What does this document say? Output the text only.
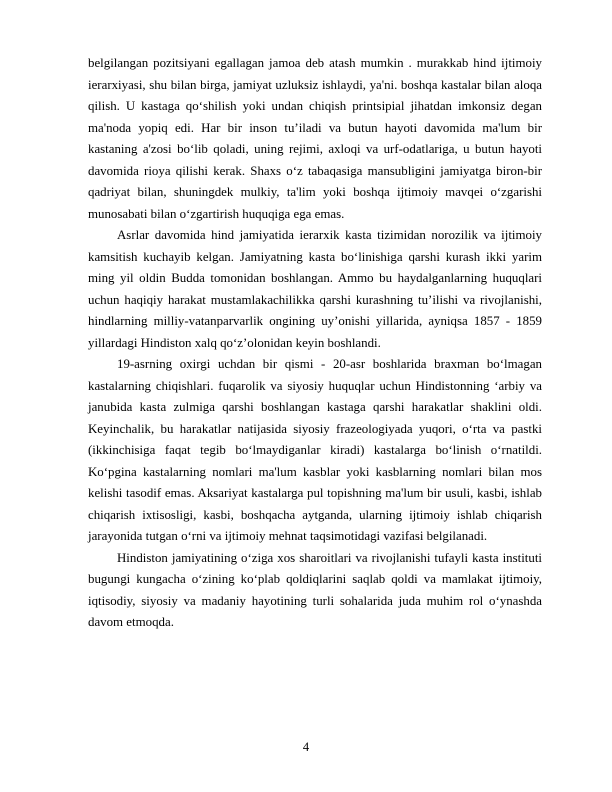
belgilangan pozitsiyani egallagan jamoa deb atash mumkin . murakkab hind ijtimoiy ierarxiyasi, shu bilan birga, jamiyat uzluksiz ishlaydi, ya'ni. boshqa kastalar bilan aloqa qilish. U kastaga qo‘shilish yoki undan chiqish printsipial jihatdan imkonsiz degan ma'noda yopiq edi. Har bir inson tu’iladi va butun hayoti davomida ma'lum bir kastaning a'zosi bo‘lib qoladi, uning rejimi, axloqi va urf-odatlariga, u butun hayoti davomida rioya qilishi kerak. Shaxs o‘z tabaqasiga mansubligini jamiyatga biron-bir qadriyat bilan, shuningdek mulkiy, ta'lim yoki boshqa ijtimoiy mavqei o‘zgarishi munosabati bilan o‘zgartirish huquqiga ega emas.

Asrlar davomida hind jamiyatida ierarxik kasta tizimidan norozilik va ijtimoiy kamsitish kuchayib kelgan. Jamiyatning kasta bo‘linishiga qarshi kurash ikki yarim ming yil oldin Budda tomonidan boshlangan. Ammo bu haydalganlarning huquqlari uchun haqiqiy harakat mustamlakachilikka qarshi kurashning tu’ilishi va rivojlanishi, hindlarning milliy-vatanparvarlik ongining uy’onishi yillarida, ayniqsa 1857 - 1859 yillardagi Hindiston xalq qo‘z’olonidan keyin boshlandi.

19-asrning oxirgi uchdan bir qismi - 20-asr boshlarida braxman bo‘lmagan kastalarning chiqishlari. fuqarolik va siyosiy huquqlar uchun Hindistonning ‘arbiy va janubida kasta zulmiga qarshi boshlangan kastaga qarshi harakatlar shaklini oldi. Keyinchalik, bu harakatlar natijasida siyosiy frazeologiyada yuqori, o‘rta va pastki (ikkinchisiga faqat tegib bo‘lmaydiganlar kiradi) kastalarga bo‘linish o‘rnatildi. Ko‘pgina kastalarning nomlari ma'lum kasblar yoki kasblarning nomlari bilan mos kelishi tasodif emas. Aksariyat kastalarga pul topishning ma'lum bir usuli, kasbi, ishlab chiqarish ixtisosligi, kasbi, boshqacha aytganda, ularning ijtimoiy ishlab chiqarish jarayonida tutgan o‘rni va ijtimoiy mehnat taqsimotidagi vazifasi belgilanadi.

Hindiston jamiyatining o‘ziga xos sharoitlari va rivojlanishi tufayli kasta instituti bugungi kungacha o‘zining ko‘plab qoldiqlarini saqlab qoldi va mamlakat ijtimoiy, iqtisodiy, siyosiy va madaniy hayotining turli sohalarida juda muhim rol o‘ynashda davom etmoqda.

4
